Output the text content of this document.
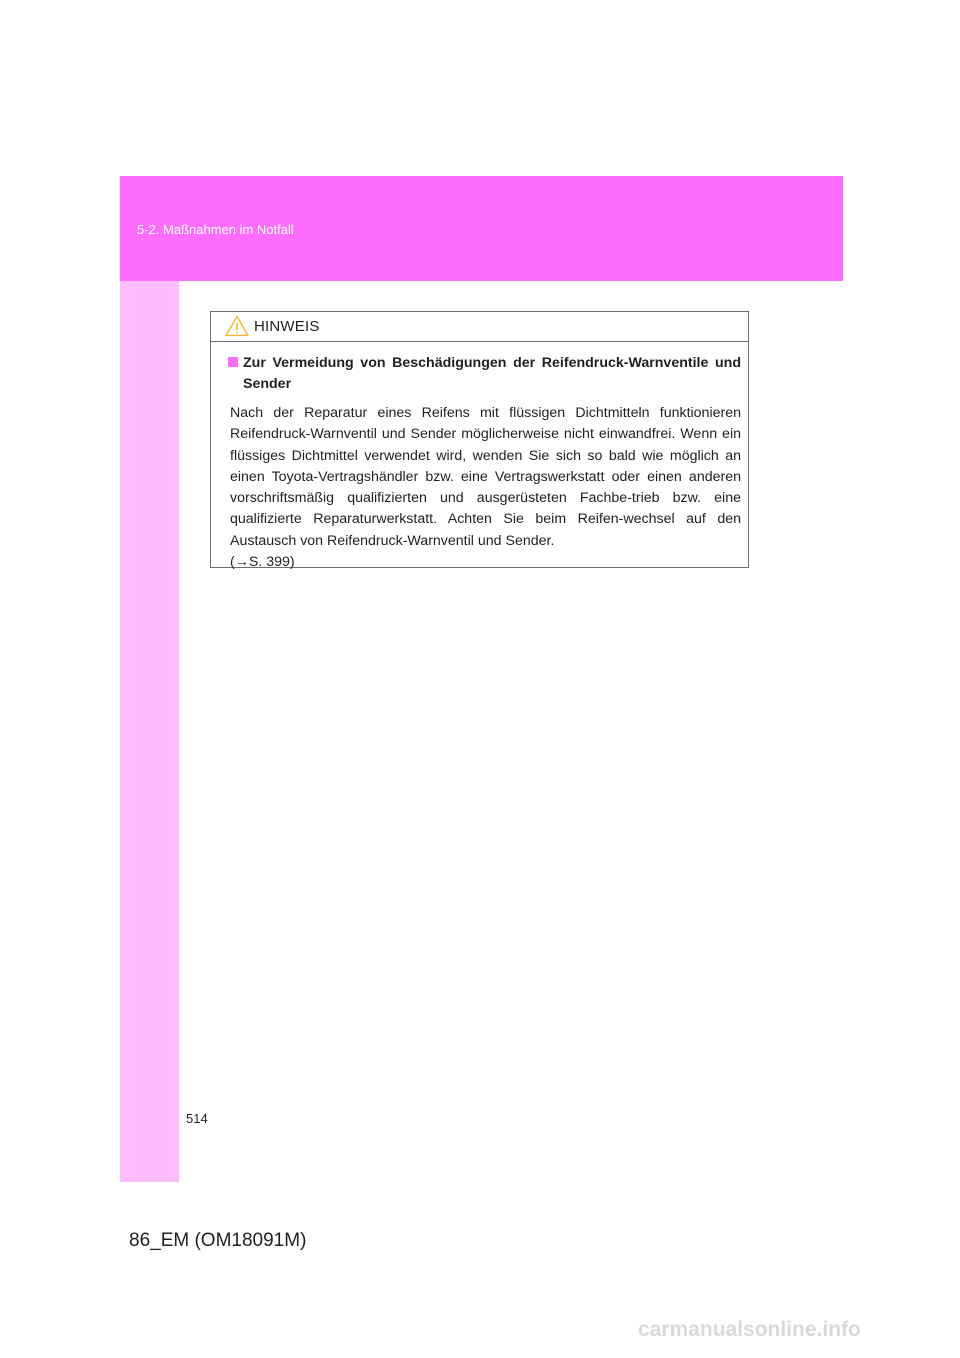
5-2. Maßnahmen im Notfall
HINWEIS
Zur Vermeidung von Beschädigungen der Reifendruck-Warnventile und Sender
Nach der Reparatur eines Reifens mit flüssigen Dichtmitteln funktionieren Reifendruck-Warnventil und Sender möglicherweise nicht einwandfrei. Wenn ein flüssiges Dichtmittel verwendet wird, wenden Sie sich so bald wie möglich an einen Toyota-Vertragshändler bzw. eine Vertragswerkstatt oder einen anderen vorschriftsmäßig qualifizierten und ausgerüsteten Fachbe-trieb bzw. eine qualifizierte Reparaturwerkstatt. Achten Sie beim Reifen-wechsel auf den Austausch von Reifendruck-Warnventil und Sender.
(→S. 399)
514
86_EM (OM18091M)
carmanualsonline.info
